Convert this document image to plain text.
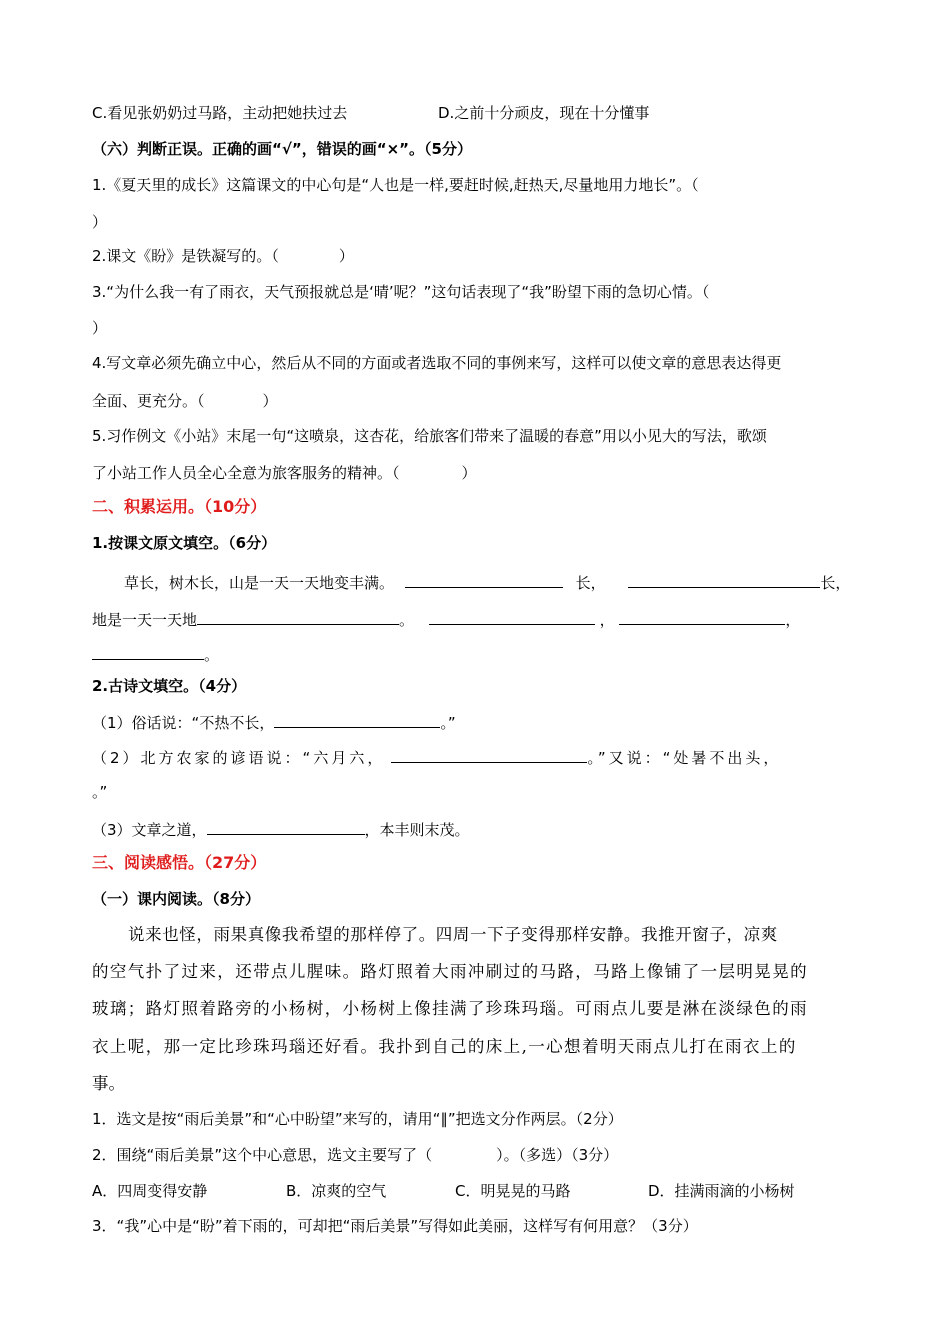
C.看见张奶奶过马路，主动把她扶过去	D.之前十分顽皮，现在十分懂事
（六）判断正误。正确的画“√”，错误的画“×”。（5分）
1.《夏天里的成长》这篇课文的中心句是“人也是一样,要赶时候,赶热天,尽量地用力地长”。（
）
2.课文《盼》是铁凝写的。（	）
3.“为什么我一有了雨衣，天气预报就总是‘晴’呢？”这句话表现了“我”盼望下雨的急切心情。（
）
4.写文章必须先确立中心，然后从不同的方面或者选取不同的事例来写，这样可以使文章的意思表达得更
全面、更充分。（	）
5.习作例文《小站》末尾一句“这喷泉，这杏花，给旅客们带来了温暖的春意”用以小见大的写法，歌颂
了小站工作人员全心全意为旅客服务的精神。（	）
二、积累运用。（10分）
1.按课文原文填空。（6分）
草长，树木长，山是一天一天地变丰满。	长，	长，
地是一天一天地	。	，	，
。
2.古诗文填空。（4分）
（1）俗话说：“不热不长，	。”
（2）北方农家的谚语说：“六月六，	。”又说：“处暑不出头，
。”
（3）文章之道，	，本丰则末茂。
三、阅读感悟。（27分）
（一）课内阅读。（8分）
说来也怪，雨果真像我希望的那样停了。四周一下子变得那样安静。我推开窗子，凉爽
的空气扑了过来，还带点儿腥味。路灯照着大雨冲刷过的马路，马路上像铺了一层明晃晃的
玻璃；路灯照着路旁的小杨树，小杨树上像挂满了珍珠玛瑙。可雨点儿要是淋在淡绿色的雨
衣上呢，那一定比珍珠玛瑙还好看。我扑到自己的床上,一心想着明天雨点儿打在雨衣上的
事。
1．选文是按“雨后美景”和“心中盼望”来写的，请用“∥”把选文分作两层。（2分）
2．围绕“雨后美景”这个中心意思，选文主要写了（	）。（多选）（3分）
A．四周变得安静	B．凉爽的空气	C．明晃晃的马路	D．挂满雨滴的小杨树
3．“我”心中是“盼”着下雨的，可却把“雨后美景”写得如此美丽，这样写有何用意？（3分）
